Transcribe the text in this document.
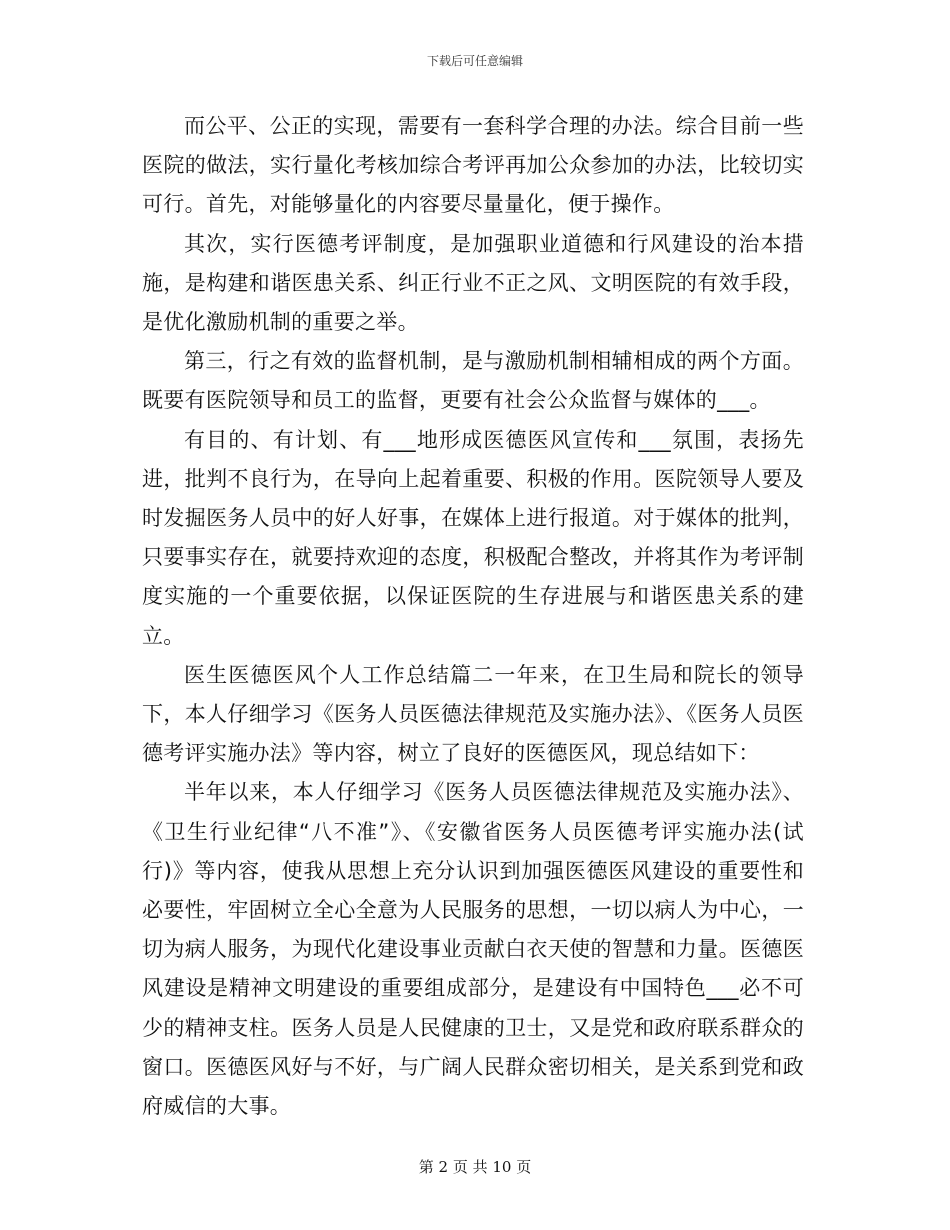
下载后可任意编辑

而公平、公正的实现，需要有一套科学合理的办法。综合目前一些医院的做法，实行量化考核加综合考评再加公众参加的办法，比较切实可行。首先，对能够量化的内容要尽量量化，便于操作。

其次，实行医德考评制度，是加强职业道德和行风建设的治本措施，是构建和谐医患关系、纠正行业不正之风、文明医院的有效手段，是优化激励机制的重要之举。

第三，行之有效的监督机制，是与激励机制相辅相成的两个方面。既要有医院领导和员工的监督，更要有社会公众监督与媒体的___。

有目的、有计划、有___地形成医德医风宣传和___氛围，表扬先进，批判不良行为，在导向上起着重要、积极的作用。医院领导人要及时发掘医务人员中的好人好事，在媒体上进行报道。对于媒体的批判，只要事实存在，就要持欢迎的态度，积极配合整改，并将其作为考评制度实施的一个重要依据，以保证医院的生存进展与和谐医患关系的建立。

医生医德医风个人工作总结篇二一年来，在卫生局和院长的领导下，本人仔细学习《医务人员医德法律规范及实施办法》、《医务人员医德考评实施办法》等内容，树立了良好的医德医风，现总结如下：

半年以来，本人仔细学习《医务人员医德法律规范及实施办法》、《卫生行业纪律“八不准”》、《安徽省医务人员医德考评实施办法(试行)》等内容，使我从思想上充分认识到加强医德医风建设的重要性和必要性，牢固树立全心全意为人民服务的思想，一切以病人为中心，一切为病人服务，为现代化建设事业贡献白衣天使的智慧和力量。医德医风建设是精神文明建设的重要组成部分，是建设有中国特色___必不可少的精神支柱。医务人员是人民健康的卫士，又是党和政府联系群众的窗口。医德医风好与不好，与广阔人民群众密切相关，是关系到党和政府威信的大事。

第 2 页 共 10 页
